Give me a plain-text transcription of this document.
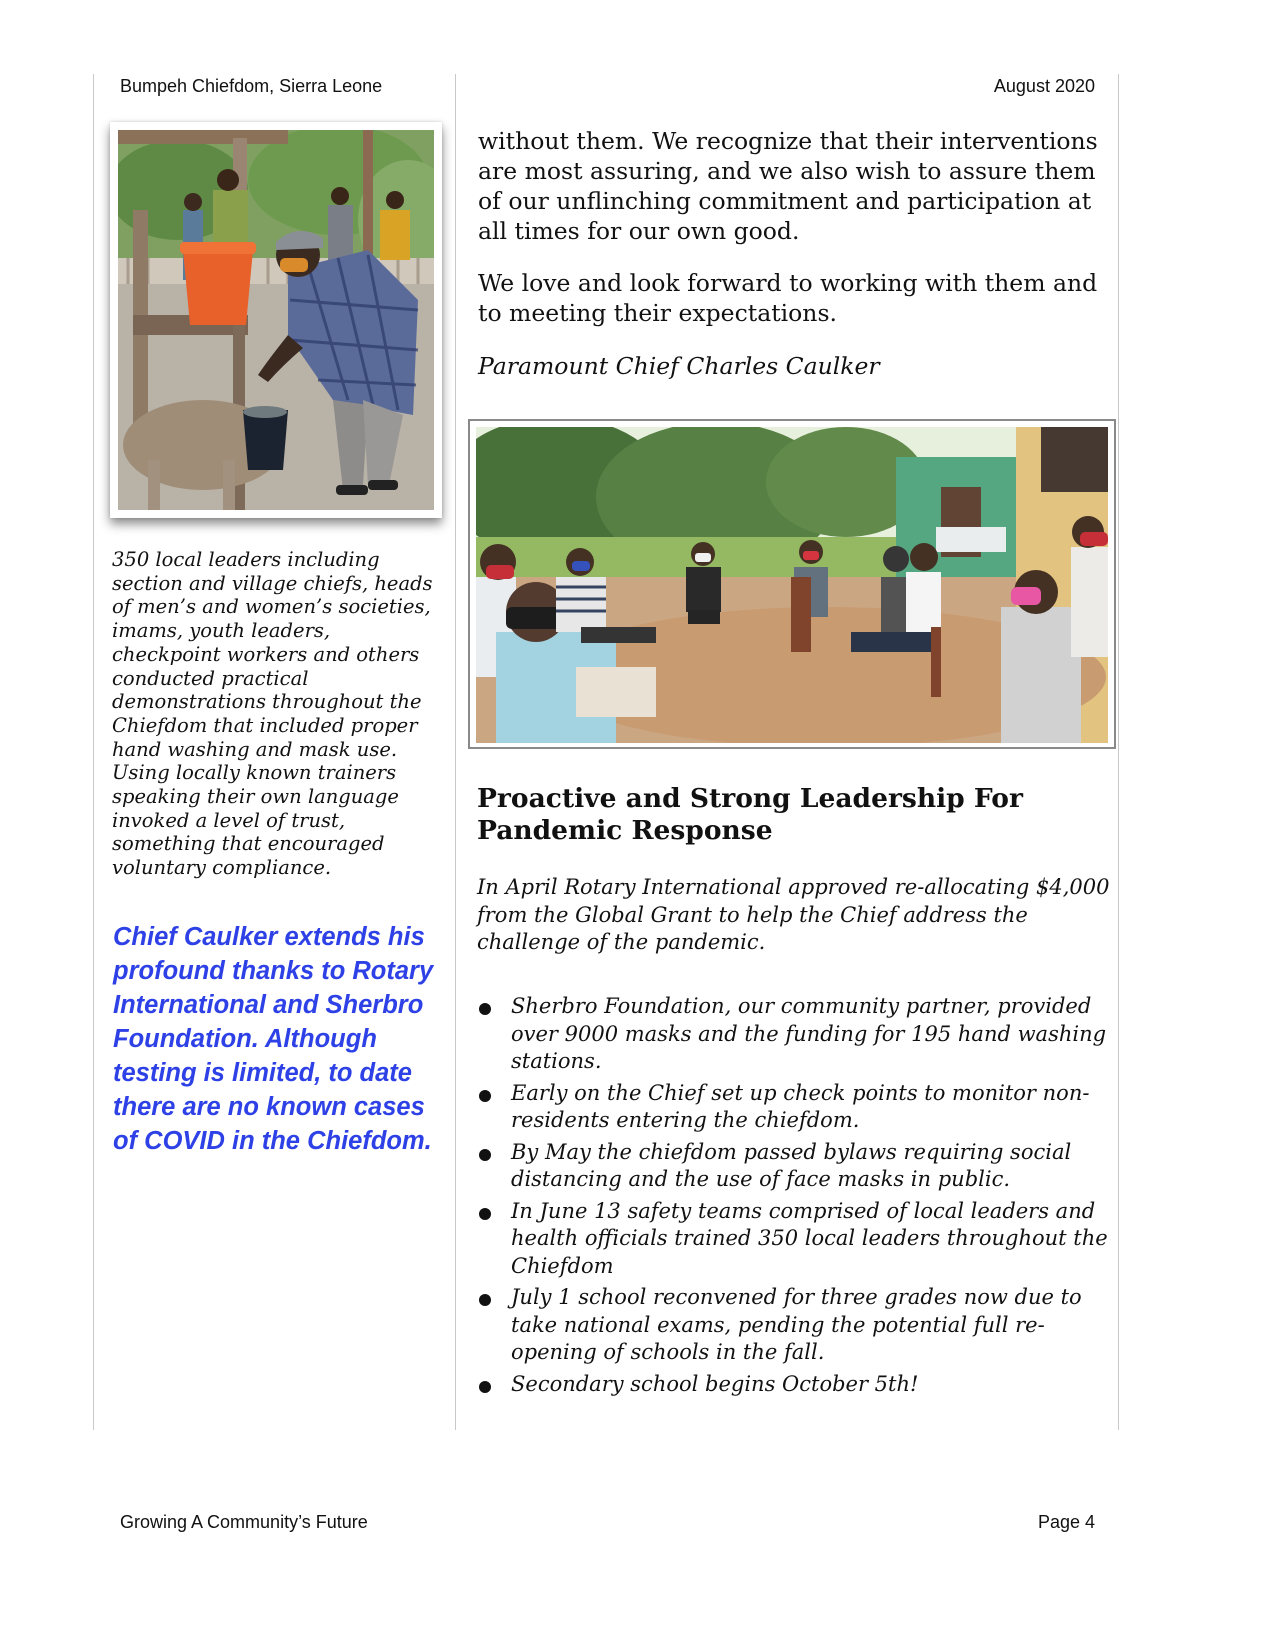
Bumpeh Chiefdom, Sierra Leone	August 2020
350 local leaders including section and village chiefs, heads of men’s and women’s societies, imams, youth leaders, checkpoint workers and others conducted practical demonstrations throughout the Chiefdom that included proper hand washing and mask use. Using locally known trainers speaking their own language invoked a level of trust, something that encouraged voluntary compliance.
Chief Caulker extends his profound thanks to Rotary International and Sherbro Foundation. Although testing is limited, to date there are no known cases of COVID in the Chiefdom.
without them. We recognize that their interventions are most assuring, and we also wish to assure them of our unflinching commitment and participation at all times for our own good.
We love and look forward to working with them and to meeting their expectations.
Paramount Chief Charles Caulker
Proactive and Strong Leadership For Pandemic Response
In April Rotary International approved re-allocating $4,000 from the Global Grant to help the Chief address the challenge of the pandemic.
Sherbro Foundation, our community partner, provided over 9000 masks and the funding for 195 hand washing stations.
Early on the Chief set up check points to monitor non-residents entering the chiefdom.
By May the chiefdom passed bylaws requiring social distancing and the use of face masks in public.
In June 13 safety teams comprised of local leaders and health officials trained 350 local leaders throughout the Chiefdom
July 1 school reconvened for three grades now due to take national exams, pending the potential full re-opening of schools in the fall.
Secondary school begins October 5th!
Growing A Community’s Future	Page 4
